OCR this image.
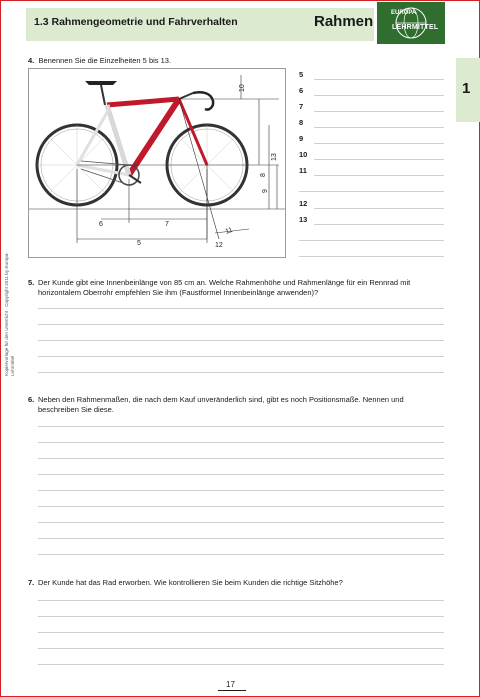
1.3 Rahmengeometrie und Fahrverhalten	Rahmen	EUROPA
LEHRMITTEL
1
Kopiervorlage für den Unterricht · Copyright 2011 by Europa-Lehrmittel
4. Benennen Sie die Einzelheiten 5 bis 13.
10
8
13
9
6	7
11
5	12
5
6
7
8
9
10
11
12
13
5. Der Kunde gibt eine Innenbeinlänge von 85 cm an. Welche Rahmenhöhe und Rahmenlänge für ein Rennrad mit horizontalem Oberrohr empfehlen Sie ihm (Faustformel Innenbeinlänge anwenden)?
6. Neben den Rahmenmaßen, die nach dem Kauf unveränderlich sind, gibt es noch Positionsmaße. Nennen und beschreiben Sie diese.
7. Der Kunde hat das Rad erworben. Wie kontrollieren Sie beim Kunden die richtige Sitzhöhe?
17
